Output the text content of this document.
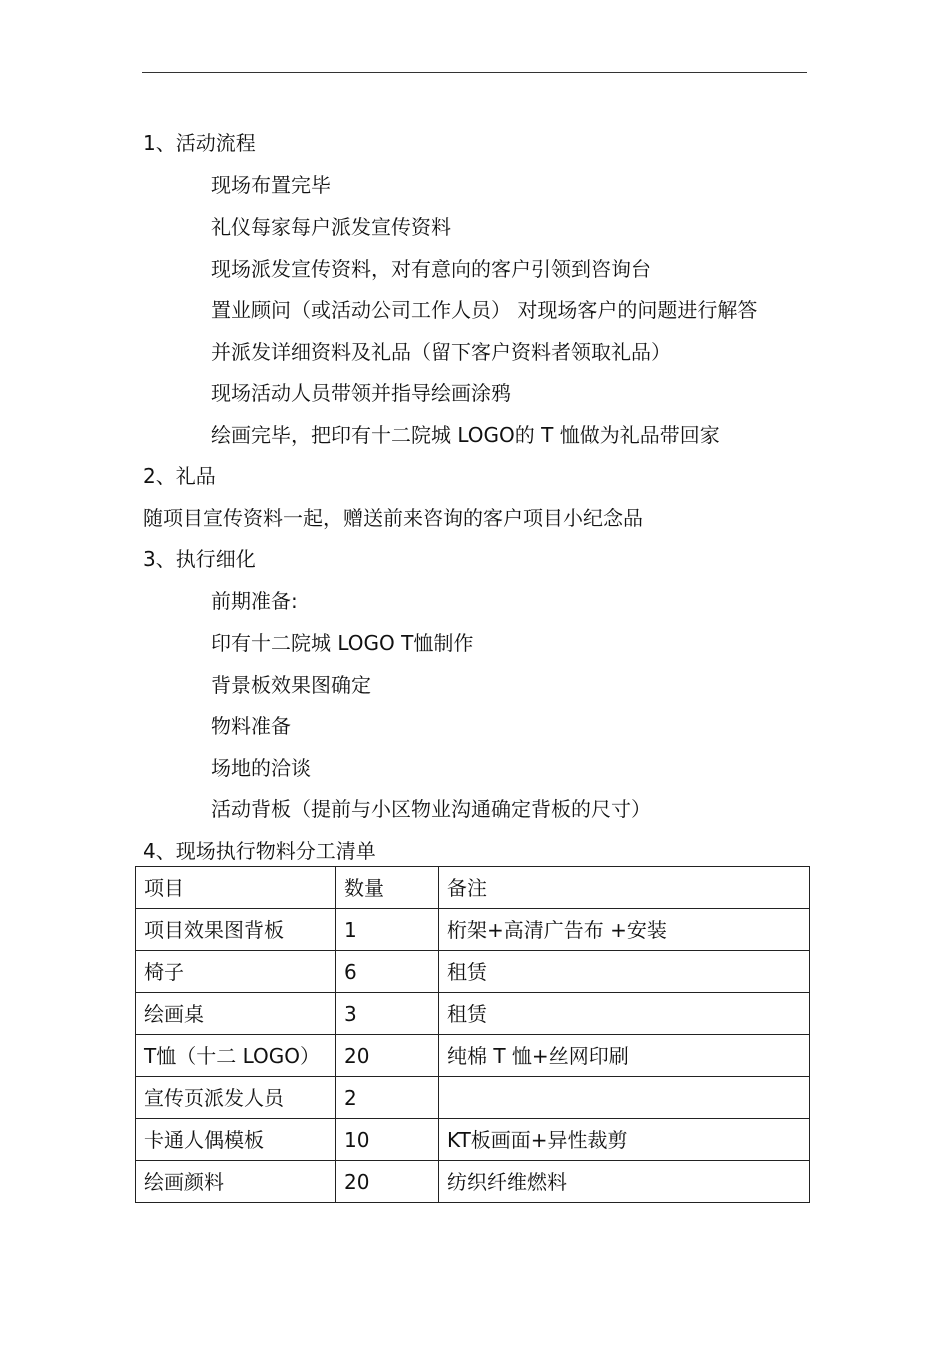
1、活动流程
现场布置完毕
礼仪每家每户派发宣传资料
现场派发宣传资料，对有意向的客户引领到咨询台
置业顾问（或活动公司工作人员） 对现场客户的问题进行解答
并派发详细资料及礼品（留下客户资料者领取礼品）
现场活动人员带领并指导绘画涂鸦
绘画完毕，把印有十二院城 LOGO的 T 恤做为礼品带回家
2、礼品
随项目宣传资料一起，赠送前来咨询的客户项目小纪念品
3、执行细化
前期准备:
印有十二院城 LOGO T恤制作
背景板效果图确定
物料准备
场地的洽谈
活动背板（提前与小区物业沟通确定背板的尺寸）
4、现场执行物料分工清单
项目	数量	备注
项目效果图背板	1	桁架+高清广告布 +安装
椅子	6	租赁
绘画桌	3	租赁
T恤（十二 LOGO）	20	纯棉 T 恤+丝网印刷
宣传页派发人员	2	
卡通人偶模板	10	KT板画面+异性裁剪
绘画颜料	20	纺织纤维燃料
